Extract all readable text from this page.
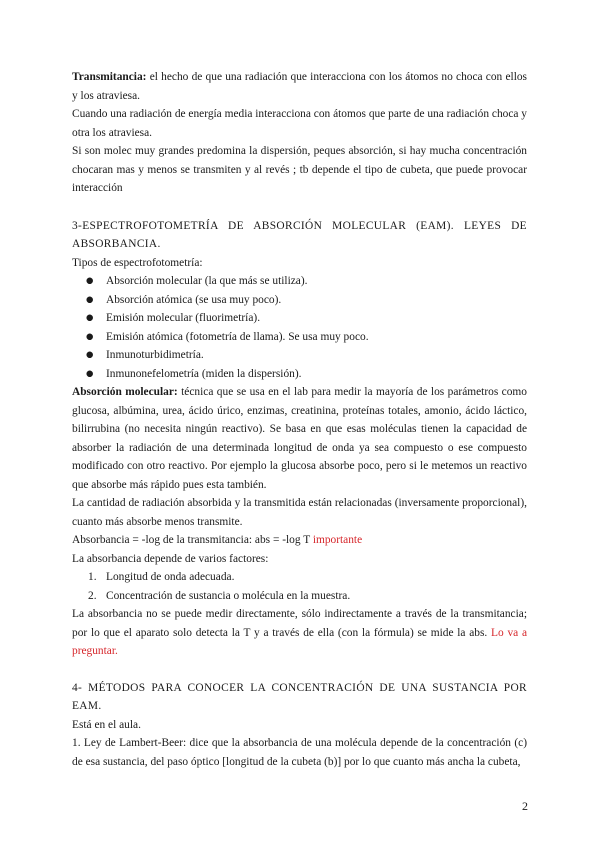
Transmitancia: el hecho de que una radiación que interacciona con los átomos no choca con ellos y los atraviesa.

Cuando una radiación de energía media interacciona con átomos que parte de una radiación choca y otra los atraviesa.

Si son molec muy grandes predomina la dispersión, peques absorción, si hay mucha concentración chocaran mas y menos se transmiten y al revés ; tb depende el tipo de cubeta, que puede provocar interacción

3-ESPECTROFOTOMETRÍA DE ABSORCIÓN MOLECULAR (EAM). LEYES DE ABSORBANCIA.

Tipos de espectrofotometría:

● Absorción molecular (la que más se utiliza).
● Absorción atómica (se usa muy poco).
● Emisión molecular (fluorimetría).
● Emisión atómica (fotometría de llama). Se usa muy poco.
● Inmunoturbidimetría.
● Inmunonefelometría (miden la dispersión).

Absorción molecular: técnica que se usa en el lab para medir la mayoría de los parámetros como glucosa, albúmina, urea, ácido úrico, enzimas, creatinina, proteínas totales, amonio, ácido láctico, bilirrubina (no necesita ningún reactivo). Se basa en que esas moléculas tienen la capacidad de absorber la radiación de una determinada longitud de onda ya sea compuesto o ese compuesto modificado con otro reactivo. Por ejemplo la glucosa absorbe poco, pero si le metemos un reactivo que absorbe más rápido pues esta también.

La cantidad de radiación absorbida y la transmitida están relacionadas (inversamente proporcional), cuanto más absorbe menos transmite.

Absorbancia = -log de la transmitancia: abs = -log T importante

La absorbancia depende de varios factores:

1. Longitud de onda adecuada.
2. Concentración de sustancia o molécula en la muestra.

La absorbancia no se puede medir directamente, sólo indirectamente a través de la transmitancia; por lo que el aparato solo detecta la T y a través de ella (con la fórmula) se mide la abs. Lo va a preguntar.

4- MÉTODOS PARA CONOCER LA CONCENTRACIÓN DE UNA SUSTANCIA POR EAM.

Está en el aula.

1. Ley de Lambert-Beer: dice que la absorbancia de una molécula depende de la concentración (c) de esa sustancia, del paso óptico [longitud de la cubeta (b)] por lo que cuanto más ancha la cubeta,

2
